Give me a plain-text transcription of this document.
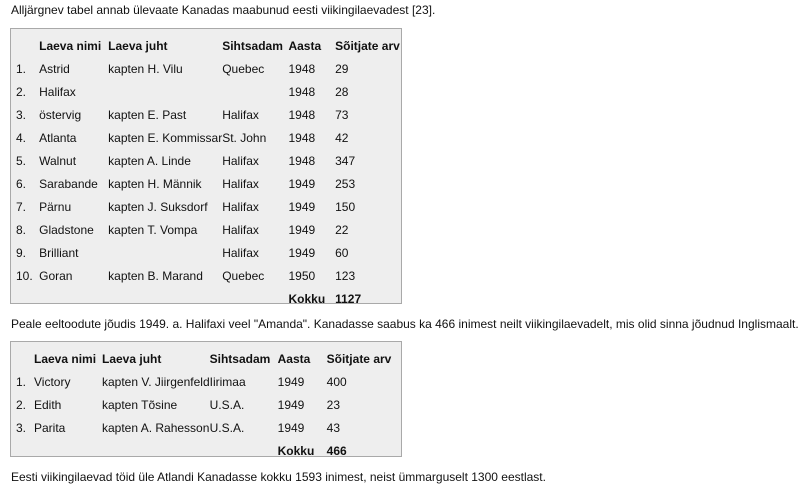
Alljärgnev tabel annab ülevaate Kanadas maabunud eesti viikingilaevadest [23].
	Laeva nimi	Laeva juht	Sihtsadam	Aasta	Sõitjate arv
1.	Astrid	kapten H. Vilu	Quebec	1948	29
2.	Halifax			1948	28
3.	östervig	kapten E. Past	Halifax	1948	73
4.	Atlanta	kapten E. Kommissar	St. John	1948	42
5.	Walnut	kapten A. Linde	Halifax	1948	347
6.	Sarabande	kapten H. Männik	Halifax	1949	253
7.	Pärnu	kapten J. Suksdorf	Halifax	1949	150
8.	Gladstone	kapten T. Vompa	Halifax	1949	22
9.	Brilliant		Halifax	1949	60
10.	Goran	kapten B. Marand	Quebec	1950	123
				Kokku	1127
Peale eeltoodute jõudis 1949. a. Halifaxi veel "Amanda". Kanadasse saabus ka 466 inimest neilt viikingilaevadelt, mis olid sinna jõudnud Inglismaalt.
	Laeva nimi	Laeva juht	Sihtsadam	Aasta	Sõitjate arv
1.	Victory	kapten V. Jiirgenfeld	Iirimaa	1949	400
2.	Edith	kapten Tõsine	U.S.A.	1949	23
3.	Parita	kapten A. Rahesson	U.S.A.	1949	43
				Kokku	466
Eesti viikingilaevad töid üle Atlandi Kanadasse kokku 1593 inimest, neist ümmarguselt 1300 eestlast.
